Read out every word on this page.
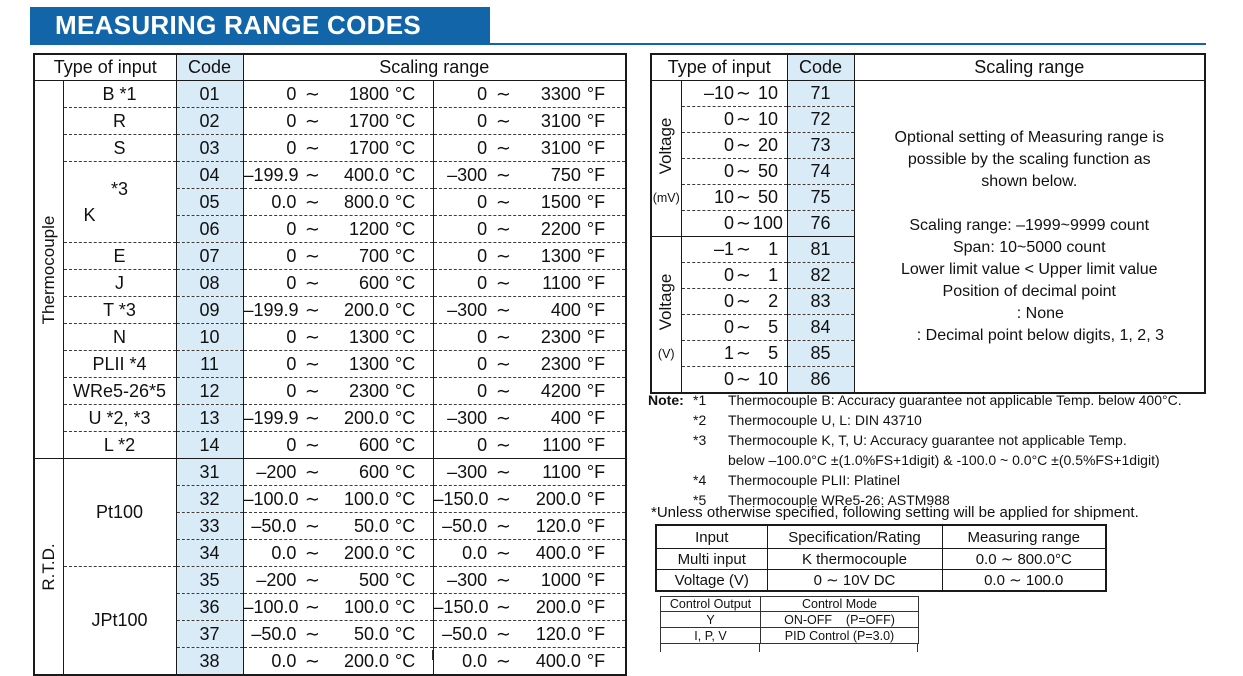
MEASURING RANGE CODES
Type of input		Code	Scaling range	

Thermocouple	B *1	01	0 ∼ 1800 °C	0 ∼ 3300 °F

	R	02	0 ∼ 1700 °C	0 ∼ 3100 °F

	S	03	0 ∼ 1700 °C	0 ∼ 3100 °F

*3
K
	04	–199.9 ∼	400.0 °C	–300 ∼	750 °F

		05	0.0 ∼ 800.0 °C	0 ∼ 1500 °F

		06	0 ∼ 1200 °C	0 ∼ 2200 °F

	E	07	0 ∼ 700 °C	0 ∼ 1300 °F

	J	08	0 ∼ 600 °C	0 ∼ 1100 °F

	T *3	09	–199.9 ∼ 200.0 °C	–300 ∼ 400 °F

	N	10	0 ∼ 1300 °C	0 ∼ 2300 °F

	PLII *4	11	0 ∼ 1300 °C	0 ∼ 2300 °F

	WRe5-26*5	12	0 ∼ 2300 °C	0 ∼ 4200 °F

	U *2, *3	13	–199.9 ∼ 200.0 °C	–300 ∼ 400 °F

	L *2	14	0 ∼ 600 °C	0 ∼ 1100 °F

R.T.D.	Pt100	31	–200 ∼ 600 °C	–300 ∼ 1100 °F

		32	–100.0 ∼ 100.0 °C	–150.0 ∼ 200.0 °F

		33	–50.0 ∼ 50.0 °C	–50.0 ∼ 120.0 °F

		34	0.0 ∼ 200.0 °C	0.0 ∼ 400.0 °F

	JPt100	35	–200 ∼ 500 °C	–300 ∼ 1000 °F

		36	–100.0 ∼ 100.0 °C	–150.0 ∼ 200.0 °F

		37	–50.0 ∼ 50.0 °C	–50.0 ∼ 120.0 °F

		38	0.0 ∼ 200.0 °C	0.0 ∼ 400.0 °F
Type of input		Code	Scaling range

Voltage
(mV)

–10 ∼ 10	71	
Optional setting of Measuring range is
possible by the scaling function as
shown below.
Scaling range: –1999~9999 count
Span: 10~5000 count
Lower limit value < Upper limit value
Position of decimal point
: None
: Decimal point below digits, 1, 2, 3

	0 ∼ 10	72	

	0 ∼ 20	73	

	0 ∼ 50	74	

	10 ∼ 50	75	

	0 ∼ 100	76	

Voltage
(V)

–1 ∼ 1	81

	0 ∼ 1	82	

	0 ∼ 2	83	

	0 ∼ 5	84	

	1 ∼ 5	85	

	0 ∼ 10	86	
Note: *1 Thermocouple B: Accuracy guarantee not applicable Temp. below 400°C.
*2 Thermocouple U, L: DIN 43710
*3 Thermocouple K, T, U: Accuracy guarantee not applicable Temp.
below –100.0°C ±(1.0%FS+1digit) & -100.0 ~ 0.0°C ±(0.5%FS+1digit)
*4 Thermocouple PLII: Platinel
*5 Thermocouple WRe5-26: ASTM988
*Unless otherwise specified, following setting will be applied for shipment.
Input	Specification/Rating	Measuring range
Multi input	K thermocouple	0.0 ∼ 800.0°C
Voltage (V)	0 ∼ 10V DC	0.0 ∼ 100.0
Control Output	Control Mode
Y	ON-OFF    (P=OFF)
I, P, V	PID Control (P=3.0)
